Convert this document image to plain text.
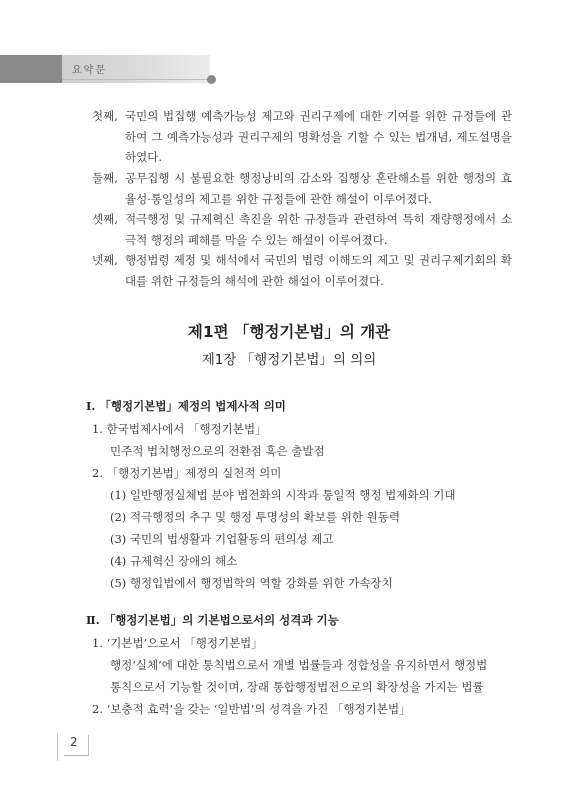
요약문
첫째, 국민의 법집행 예측가능성 제고와 권리구제에 대한 기여를 위한 규정들에 관하여 그 예측가능성과 권리구제의 명확성을 기할 수 있는 법개념, 제도설명을 하였다.
둘째, 공무집행 시 불필요한 행정낭비의 감소와 집행상 혼란해소를 위한 행정의 효율성·통일성의 제고를 위한 규정들에 관한 해설이 이루어졌다.
셋째, 적극행정 및 규제혁신 촉진을 위한 규정들과 관련하여 특히 재량행정에서 소극적 행정의 폐해를 막을 수 있는 해설이 이루어졌다.
넷째, 행정법령 제정 및 해석에서 국민의 법령 이해도의 제고 및 권리구제기회의 확대를 위한 규정들의 해석에 관한 해설이 이루어졌다.
제1편 「행정기본법」의 개관
제1장 「행정기본법」의 의의
Ⅰ. 「행정기본법」제정의 법제사적 의미
1. 한국법제사에서 「행정기본법」
민주적 법치행정으로의 전환점 혹은 출발점
2. 「행정기본법」제정의 실천적 의미
(1) 일반행정실체법 분야 법전화의 시작과 통일적 행정 법제화의 기대
(2) 적극행정의 추구 및 행정 투명성의 확보를 위한 원동력
(3) 국민의 법생활과 기업활동의 편의성 제고
(4) 규제혁신 장애의 해소
(5) 행정입법에서 행정법학의 역할 강화를 위한 가속장치
Ⅱ. 「행정기본법」의 기본법으로서의 성격과 기능
1. ‘기본법’으로서 「행정기본법」
행정‘실체’에 대한 통칙법으로서 개별 법률들과 정합성을 유지하면서 행정법
통칙으로서 기능할 것이며, 장래 통합행정법전으로의 확장성을 가지는 법률
2. ‘보충적 효력’을 갖는 ‘일반법’의 성격을 가진 「행정기본법」
2
